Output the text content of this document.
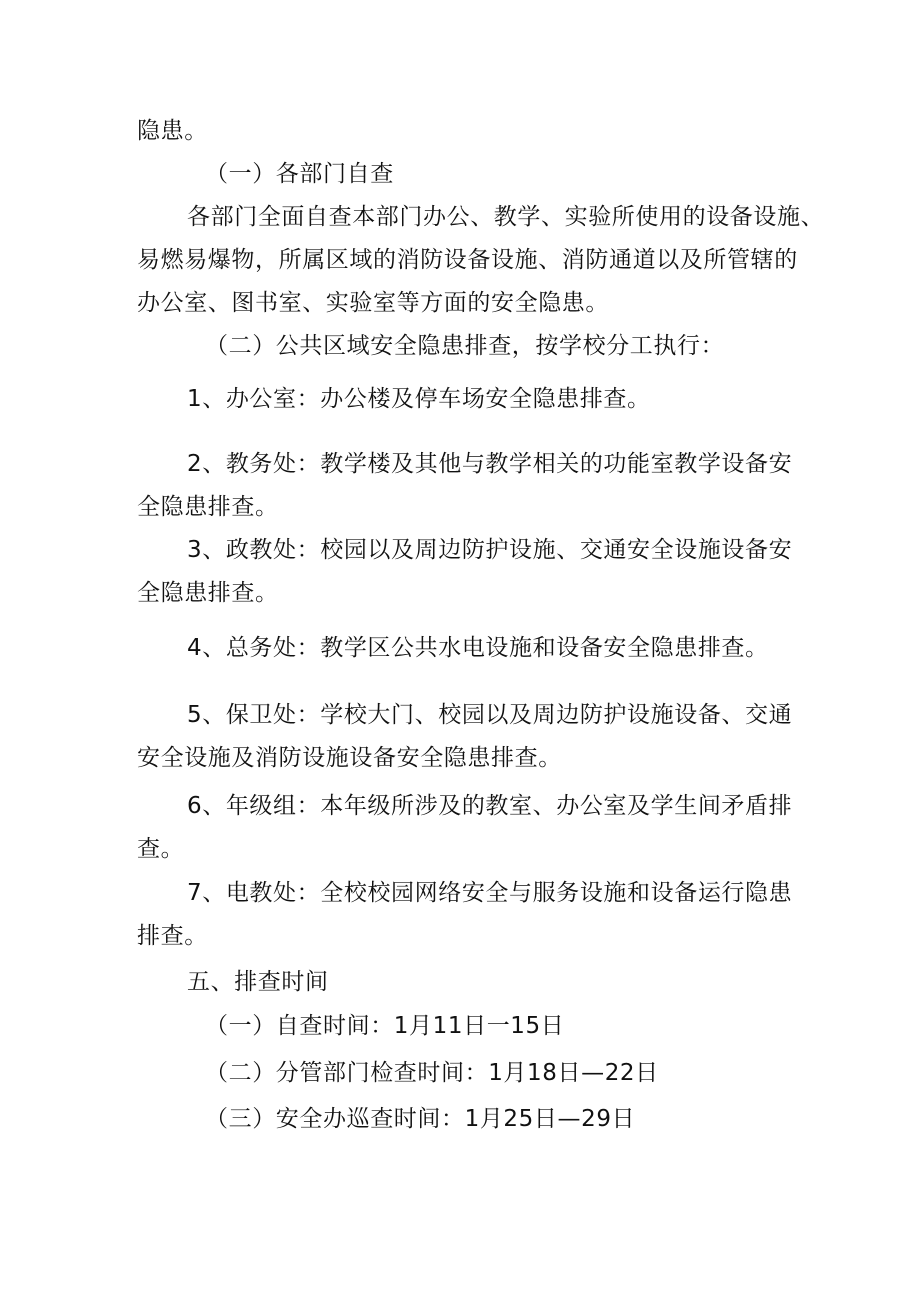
隐患。

（一）各部门自查

各部门全面自查本部门办公、教学、实验所使用的设备设施、

易燃易爆物，所属区域的消防设备设施、消防通道以及所管辖的

办公室、图书室、实验室等方面的安全隐患。

（二）公共区域安全隐患排查，按学校分工执行：

1、办公室：办公楼及停车场安全隐患排查。

2、教务处：教学楼及其他与教学相关的功能室教学设备安

全隐患排查。

3、政教处：校园以及周边防护设施、交通安全设施设备安

全隐患排查。

4、总务处：教学区公共水电设施和设备安全隐患排查。

5、保卫处：学校大门、校园以及周边防护设施设备、交通

安全设施及消防设施设备安全隐患排查。

6、年级组：本年级所涉及的教室、办公室及学生间矛盾排

查。

7、电教处：全校校园网络安全与服务设施和设备运行隐患

排查。

五、排查时间

（一）自查时间：1月11日一15日

（二）分管部门检查时间：1月18日—22日

（三）安全办巡查时间：1月25日—29日
